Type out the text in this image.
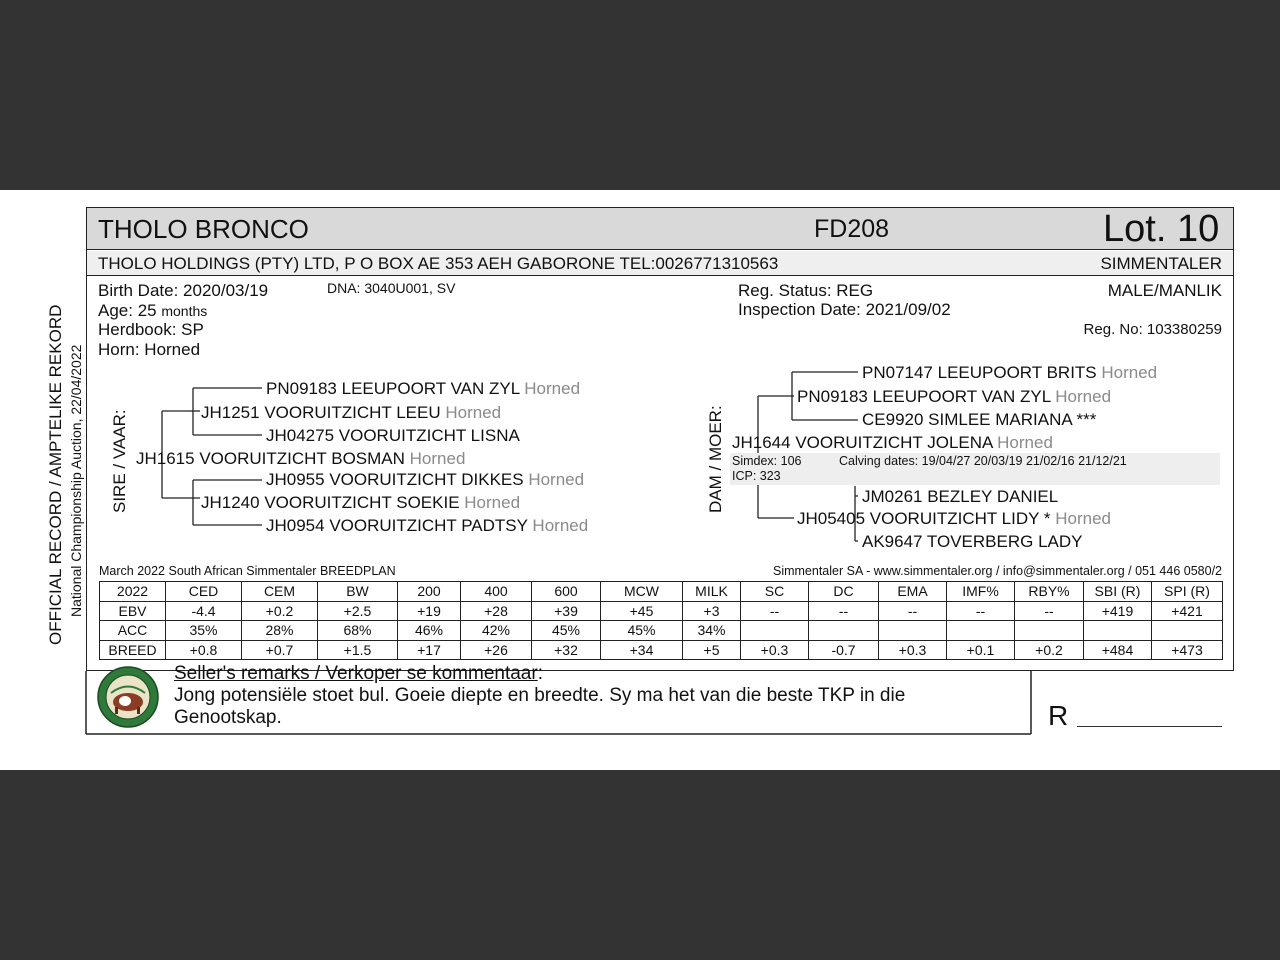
OFFICIAL RECORD / AMPTELIKE REKORD National Championship Auction, 22/04/2022
THOLO BRONCO	FD208	Lot. 10
THOLO HOLDINGS (PTY) LTD, P O BOX AE 353 AEH GABORONE TEL:0026771310563	SIMMENTALER
Birth Date: 2020/03/19	DNA: 3040U001, SV
Age: 25 months
Herdbook: SP
Horn: Horned
Reg. Status: REG
Inspection Date: 2021/09/02
MALE/MANLIK
Reg. No: 103380259
SIRE / VAAR: JH1615 VOORUITZICHT BOSMAN Horned
JH1251 VOORUITZICHT LEEU Horned
PN09183 LEEUPOORT VAN ZYL Horned
JH04275 VOORUITZICHT LISNA
JH1240 VOORUITZICHT SOEKIE Horned
JH0955 VOORUITZICHT DIKKES Horned
JH0954 VOORUITZICHT PADTSY Horned
DAM / MOER: JH1644 VOORUITZICHT JOLENA Horned
Simdex: 106	Calving dates: 19/04/27 20/03/19 21/02/16 21/12/21
ICP: 323
PN09183 LEEUPOORT VAN ZYL Horned
PN07147 LEEUPOORT BRITS Horned
CE9920 SIMLEE MARIANA ***
JH05405 VOORUITZICHT LIDY * Horned
JM0261 BEZLEY DANIEL
AK9647 TOVERBERG LADY
March 2022 South African Simmentaler BREEDPLAN	Simmentaler SA - www.simmentaler.org / info@simmentaler.org / 051 446 0580/2
2022	CED	CEM	BW	200	400	600	MCW	MILK	SC	DC	EMA	IMF%	RBY%	SBI (R)	SPI (R)
EBV	-4.4	+0.2	+2.5	+19	+28	+39	+45	+3	--	--	--	--	--	+419	+421
ACC	35%	28%	68%	46%	42%	45%	45%	34%							
BREED	+0.8	+0.7	+1.5	+17	+26	+32	+34	+5	+0.3	-0.7	+0.3	+0.1	+0.2	+484	+473
Seller's remarks / Verkoper se kommentaar:
Jong potensiële stoet bul. Goeie diepte en breedte. Sy ma het van die beste TKP in die Genootskap.	R
